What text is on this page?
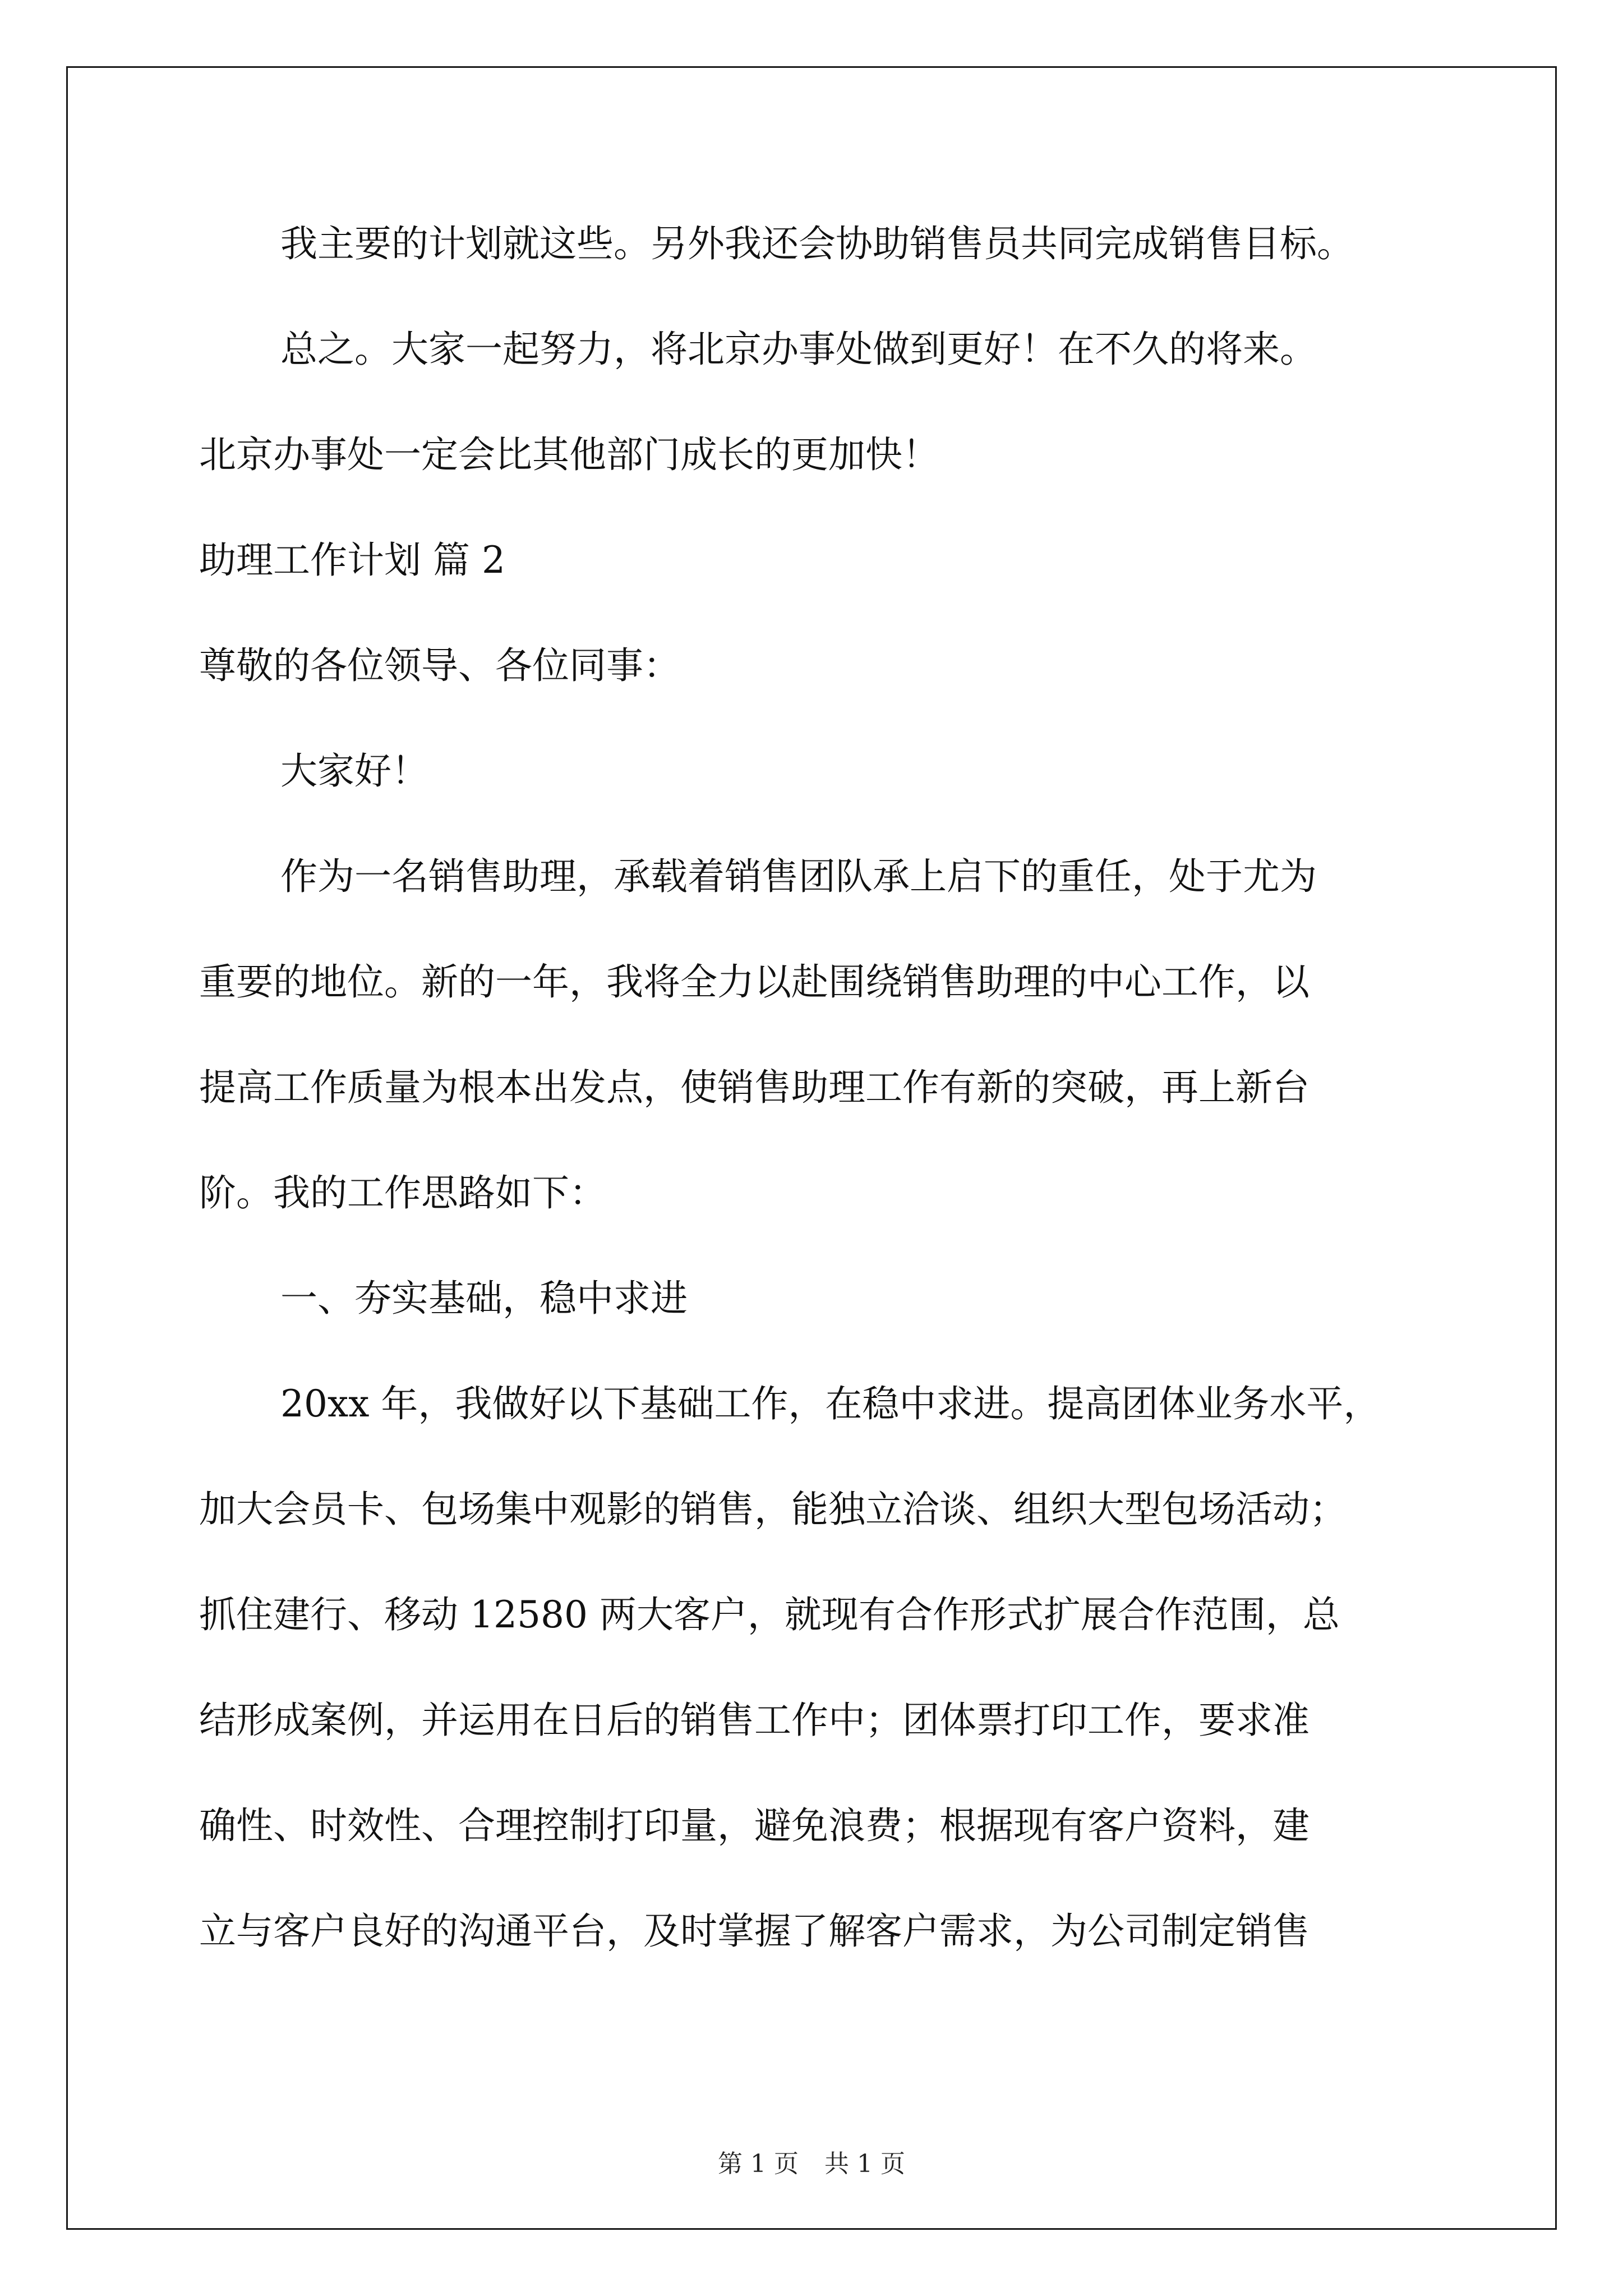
我主要的计划就这些。另外我还会协助销售员共同完成销售目标。
总之。大家一起努力，将北京办事处做到更好！在不久的将来。
北京办事处一定会比其他部门成长的更加快！
助理工作计划 篇 2
尊敬的各位领导、各位同事：
大家好！
作为一名销售助理，承载着销售团队承上启下的重任，处于尤为
重要的地位。新的一年，我将全力以赴围绕销售助理的中心工作，以
提高工作质量为根本出发点，使销售助理工作有新的突破，再上新台
阶。我的工作思路如下：
一、夯实基础，稳中求进
20xx 年，我做好以下基础工作，在稳中求进。提高团体业务水平，
加大会员卡、包场集中观影的销售，能独立洽谈、组织大型包场活动；
抓住建行、移动 12580 两大客户，就现有合作形式扩展合作范围，总
结形成案例，并运用在日后的销售工作中；团体票打印工作，要求准
确性、时效性、合理控制打印量，避免浪费；根据现有客户资料，建
立与客户良好的沟通平台，及时掌握了解客户需求，为公司制定销售
第 1 页 共 1 页
